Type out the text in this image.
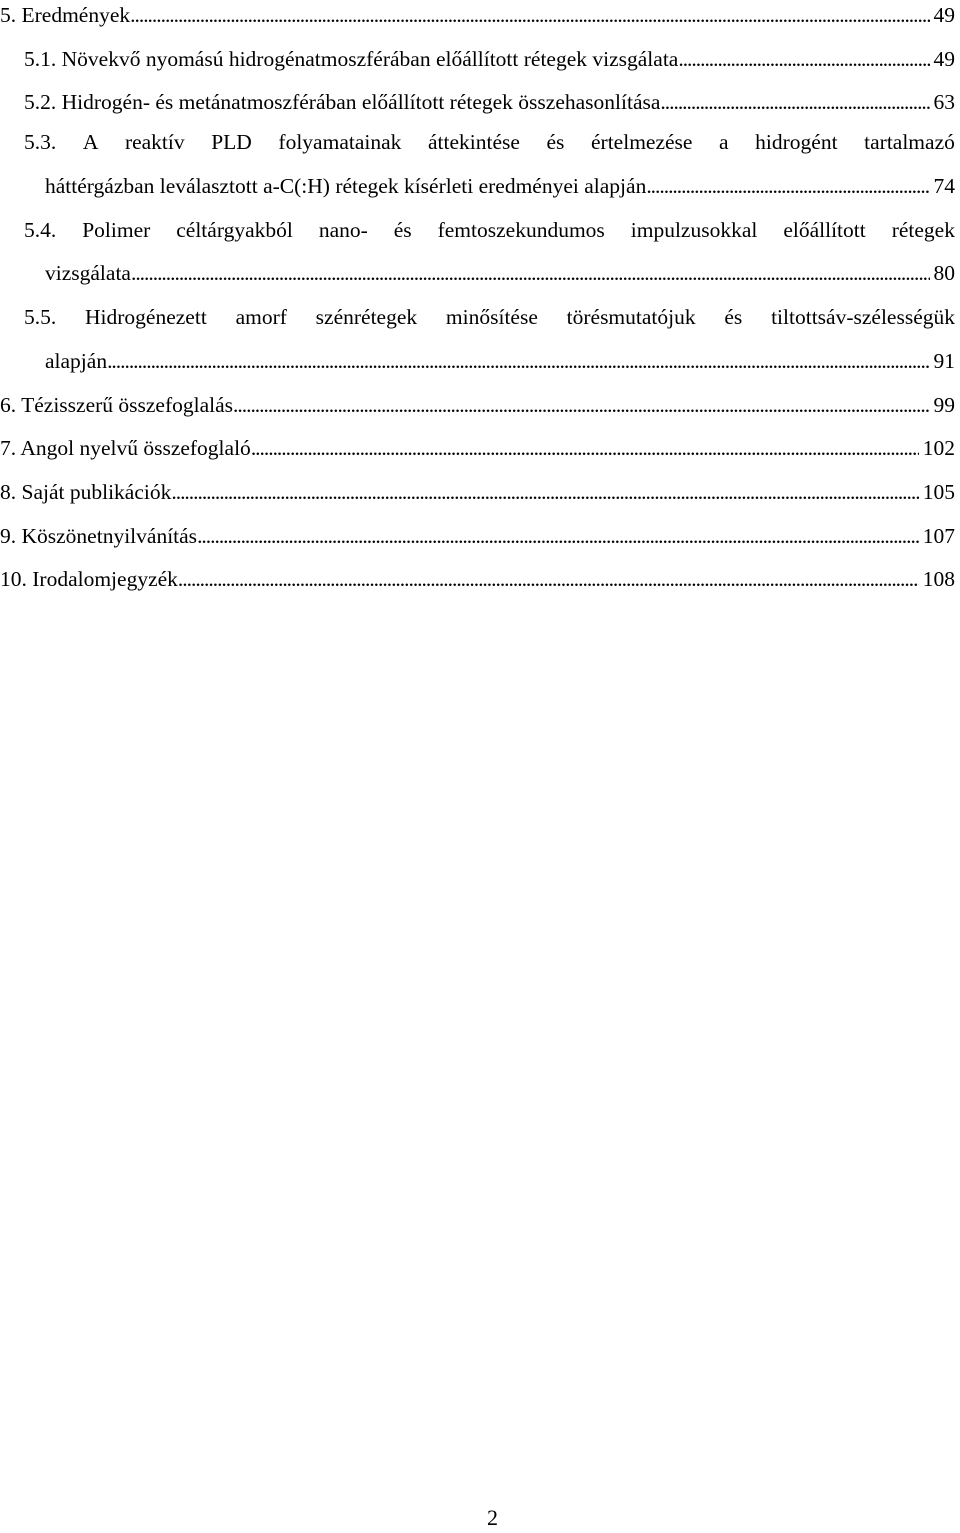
5. Eredmények . . .	49
5.1. Növekvő nyomású hidrogénatmoszférában előállított rétegek vizsgálata . . .	49
5.2. Hidrogén- és metánatmoszférában előállított rétegek összehasonlítása . . .	63
5.3. A reaktív PLD folyamatainak áttekintése és értelmezése a hidrogént tartalmazó
háttérgázban leválasztott a-C(:H) rétegek kísérleti eredményei alapján . . .	74
5.4. Polimer céltárgyakból nano- és femtoszekundumos impulzusokkal előállított rétegek
vizsgálata . . .	80
5.5. Hidrogénezett amorf szénrétegek minősítése törésmutatójuk és tiltottsáv-szélességük
alapján . . .	91
6. Tézisszerű összefoglalás . . .	99
7. Angol nyelvű összefoglaló . . .	102
8. Saját publikációk . . .	105
9. Köszönetnyilvánítás . . .	107
10. Irodalomjegyzék . . .	108
2
